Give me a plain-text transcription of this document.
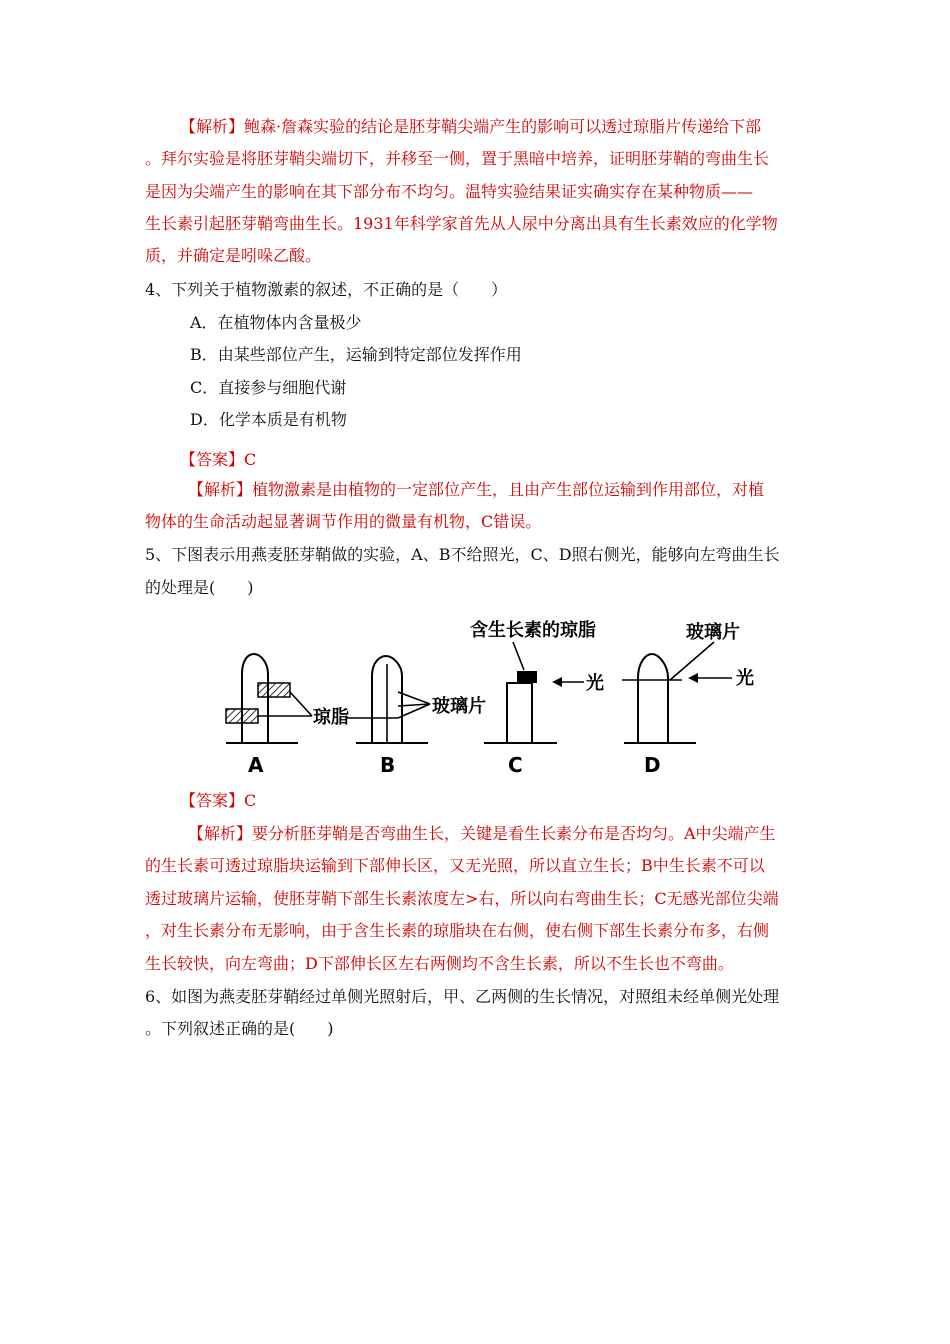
【解析】鲍森·詹森实验的结论是胚芽鞘尖端产生的影响可以透过琼脂片传递给下部
。拜尔实验是将胚芽鞘尖端切下，并移至一侧，置于黑暗中培养，证明胚芽鞘的弯曲生长
是因为尖端产生的影响在其下部分布不均匀。温特实验结果证实确实存在某种物质——
生长素引起胚芽鞘弯曲生长。1931年科学家首先从人尿中分离出具有生长素效应的化学物
质，并确定是吲哚乙酸。
4、下列关于植物激素的叙述，不正确的是（　　）
A．在植物体内含量极少
B．由某些部位产生，运输到特定部位发挥作用
C．直接参与细胞代谢
D．化学本质是有机物
【答案】C
【解析】植物激素是由植物的一定部位产生，且由产生部位运输到作用部位，对植
物体的生命活动起显著调节作用的微量有机物，C错误。
5、下图表示用燕麦胚芽鞘做的实验，A、B不给照光，C、D照右侧光，能够向左弯曲生长
的处理是(　　)
琼脂
玻璃片
含生长素的琼脂
光
玻璃片
光
A	B	C	D
【答案】C
【解析】要分析胚芽鞘是否弯曲生长，关键是看生长素分布是否均匀。A中尖端产生
的生长素可透过琼脂块运输到下部伸长区，又无光照，所以直立生长；B中生长素不可以
透过玻璃片运输，使胚芽鞘下部生长素浓度左>右，所以向右弯曲生长；C无感光部位尖端
，对生长素分布无影响，由于含生长素的琼脂块在右侧，使右侧下部生长素分布多，右侧
生长较快，向左弯曲；D下部伸长区左右两侧均不含生长素，所以不生长也不弯曲。
6、如图为燕麦胚芽鞘经过单侧光照射后，甲、乙两侧的生长情况，对照组未经单侧光处理
。下列叙述正确的是(　　)
